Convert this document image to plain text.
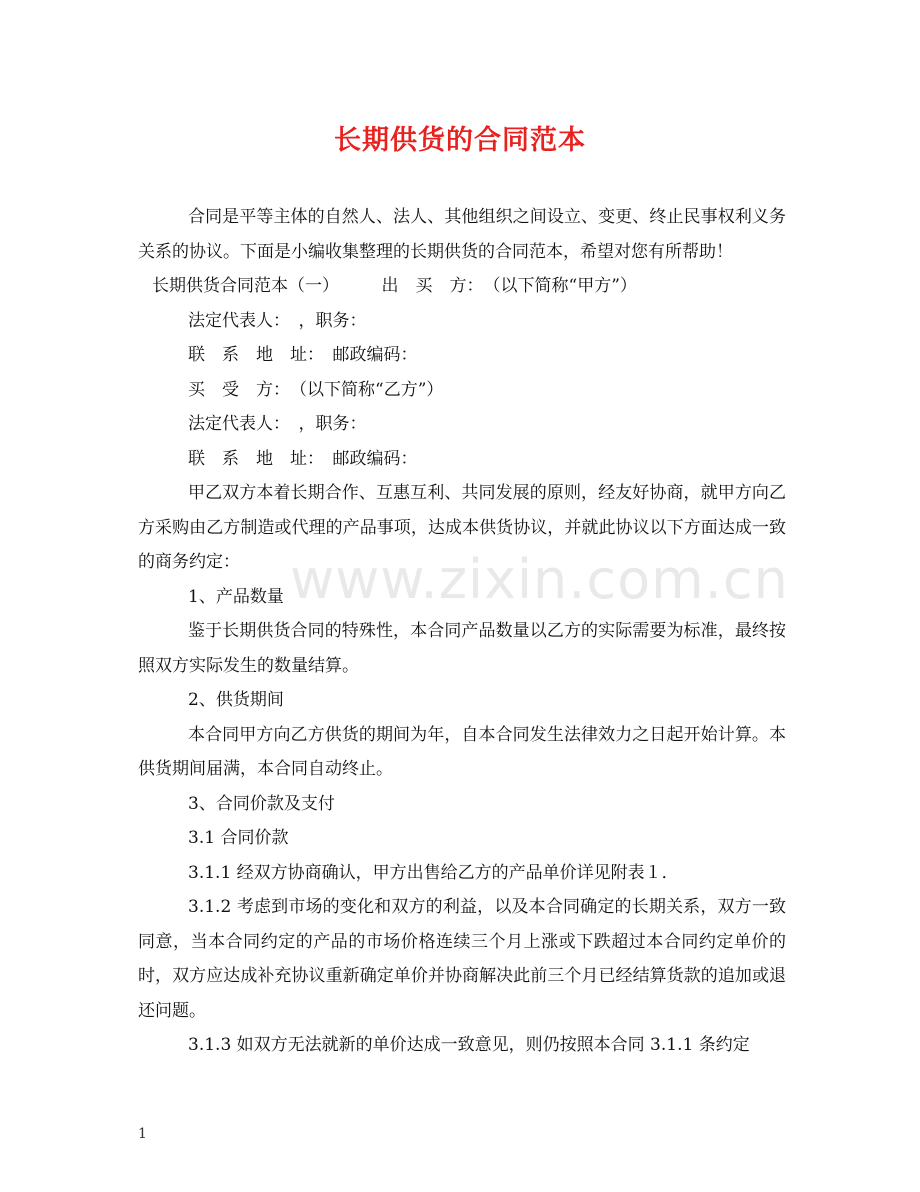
长期供货的合同范本
www.zixin.com.cn

合同是平等主体的自然人、法人、其他组织之间设立、变更、终止民事权利义务关系的协议。下面是小编收集整理的长期供货的合同范本，希望对您有所帮助！

长期供货合同范本（一）　　　出　买　方：　（以下简称“甲方”）

法定代表人：　，职务：

联　系　地　址：　邮政编码：

买　受　方：　（以下简称“乙方”）

法定代表人：　，职务：

联　系　地　址：　邮政编码：

甲乙双方本着长期合作、互惠互利、共同发展的原则，经友好协商，就甲方向乙方采购由乙方制造或代理的产品事项，达成本供货协议，并就此协议以下方面达成一致的商务约定：

1、产品数量

鉴于长期供货合同的特殊性，本合同产品数量以乙方的实际需要为标准，最终按照双方实际发生的数量结算。

2、供货期间

本合同甲方向乙方供货的期间为年，自本合同发生法律效力之日起开始计算。本供货期间届满，本合同自动终止。

3、合同价款及支付

3.1 合同价款

3.1.1 经双方协商确认，甲方出售给乙方的产品单价详见附表１．

3.1.2 考虑到市场的变化和双方的利益，以及本合同确定的长期关系，双方一致同意，当本合同约定的产品的市场价格连续三个月上涨或下跌超过本合同约定单价的时，双方应达成补充协议重新确定单价并协商解决此前三个月已经结算货款的追加或退还问题。

3.1.3 如双方无法就新的单价达成一致意见，则仍按照本合同 3.1.1 条约定

1
